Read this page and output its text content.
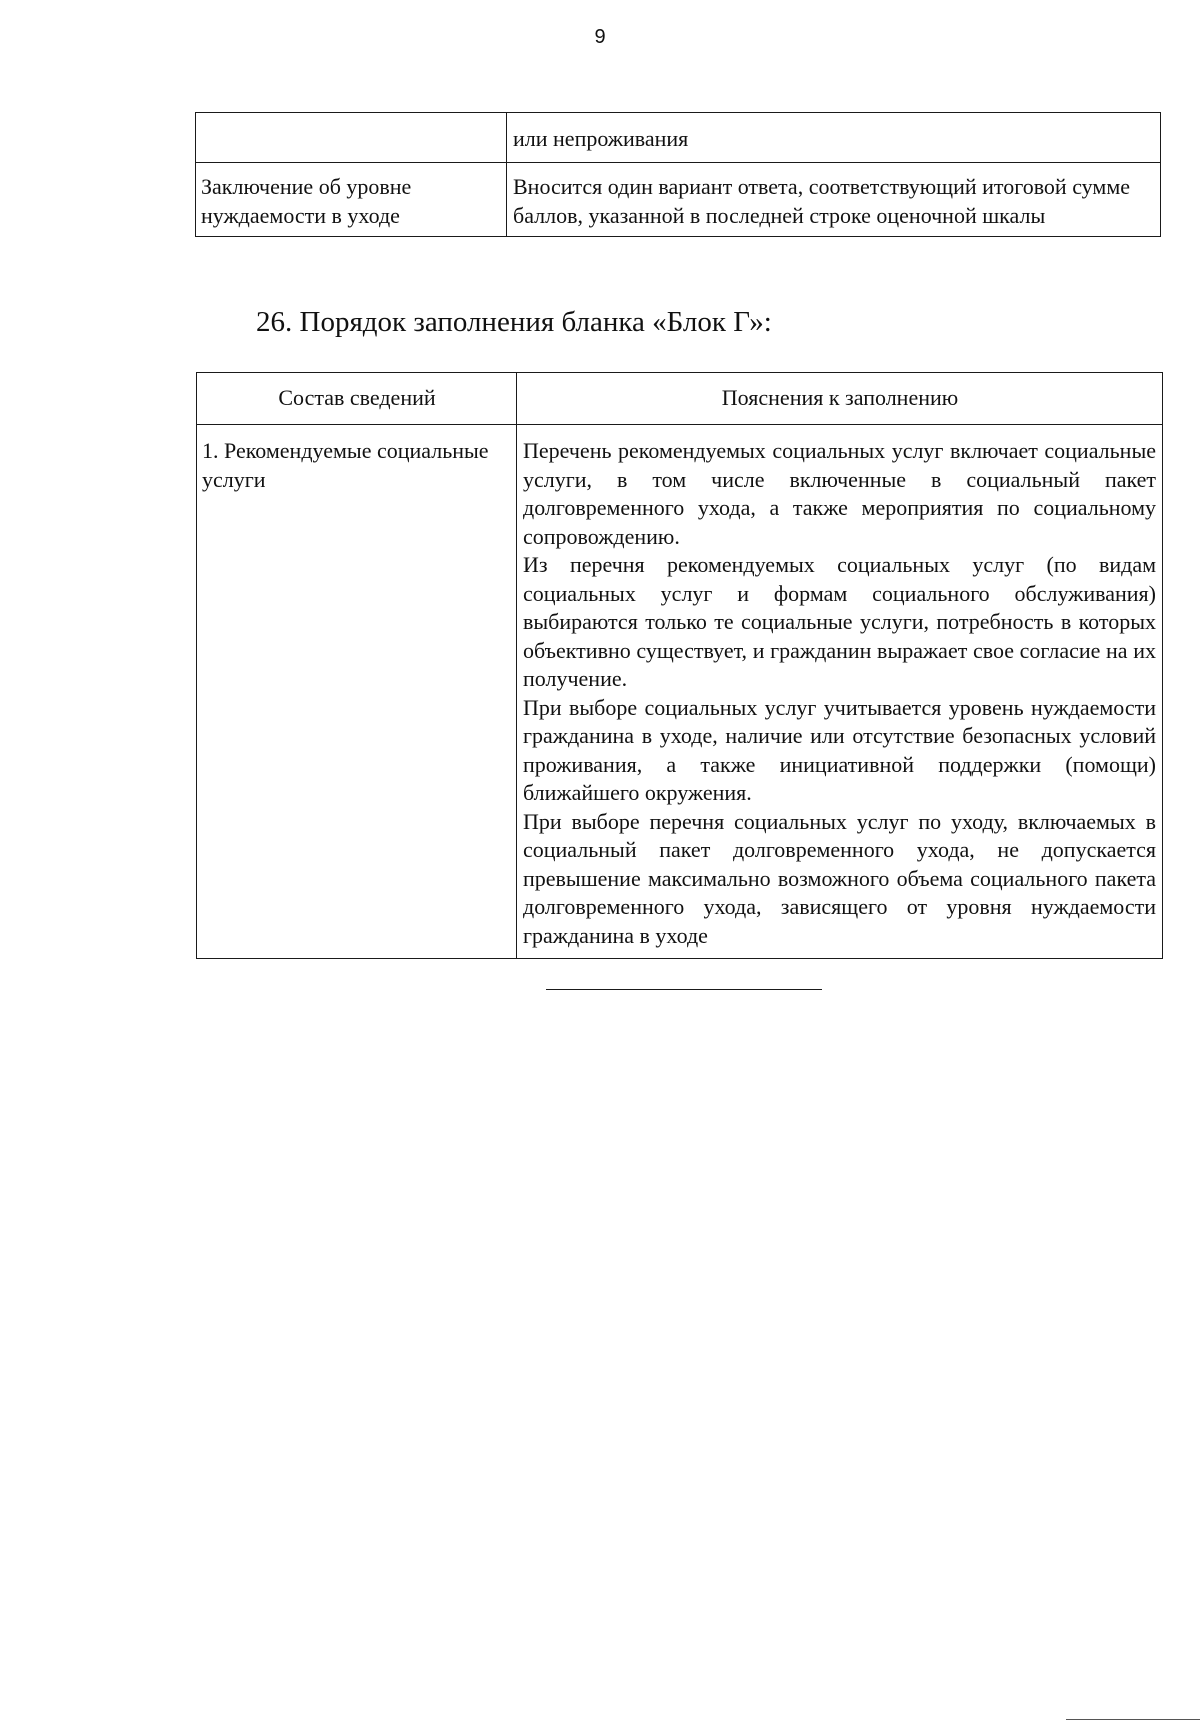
9
	или непроживания
Заключение об уровне нуждаемости в уходе	Вносится один вариант ответа, соответствующий итоговой сумме баллов, указанной в последней строке оценочной шкалы
26. Порядок заполнения бланка «Блок Г»:
Состав сведений	Пояснения к заполнению
1. Рекомендуемые социальные услуги	Перечень рекомендуемых социальных услуг включает социальные услуги, в том числе включенные в социальный пакет долговременного ухода, а также мероприятия по социальному сопровождению.

Из перечня рекомендуемых социальных услуг (по видам социальных услуг и формам социального обслуживания) выбираются только те социальные услуги, потребность в которых объективно существует, и гражданин выражает свое согласие на их получение.

При выборе социальных услуг учитывается уровень нуждаемости гражданина в уходе, наличие или отсутствие безопасных условий проживания, а также инициативной поддержки (помощи) ближайшего окружения.

При выборе перечня социальных услуг по уходу, включаемых в социальный пакет долговременного ухода, не допускается превышение максимально возможного объема социального пакета долговременного ухода, зависящего от уровня нуждаемости гражданина в уходе
